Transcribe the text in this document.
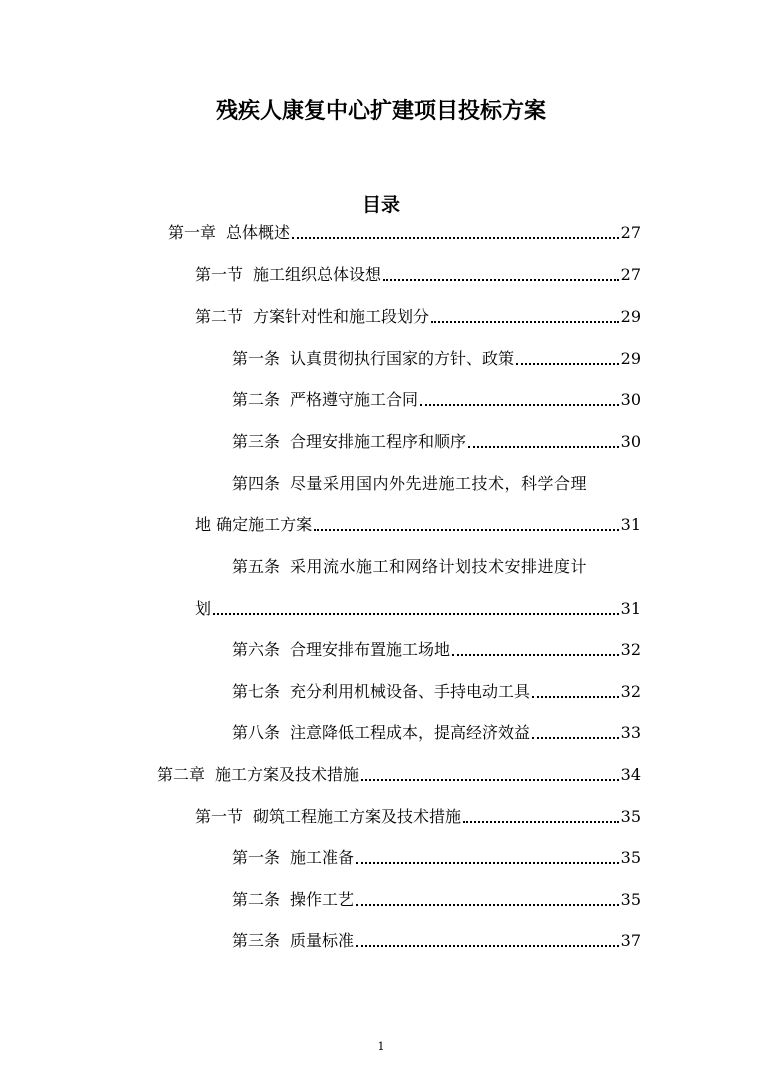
残疾人康复中心扩建项目投标方案
目录
第一章 总体概述	27
第一节 施工组织总体设想	27
第二节 方案针对性和施工段划分	29
第一条 认真贯彻执行国家的方针、政策	29
第二条 严格遵守施工合同	30
第三条 合理安排施工程序和顺序	30
第四条 尽量采用国内外先进施工技术，科学合理
地 确定施工方案	31
第五条 采用流水施工和网络计划技术安排进度计
划	31
第六条 合理安排布置施工场地	32
第七条 充分利用机械设备、手持电动工具	32
第八条 注意降低工程成本，提高经济效益	33
第二章 施工方案及技术措施	34
第一节 砌筑工程施工方案及技术措施	35
第一条 施工准备	35
第二条 操作工艺	35
第三条 质量标准	37
1
